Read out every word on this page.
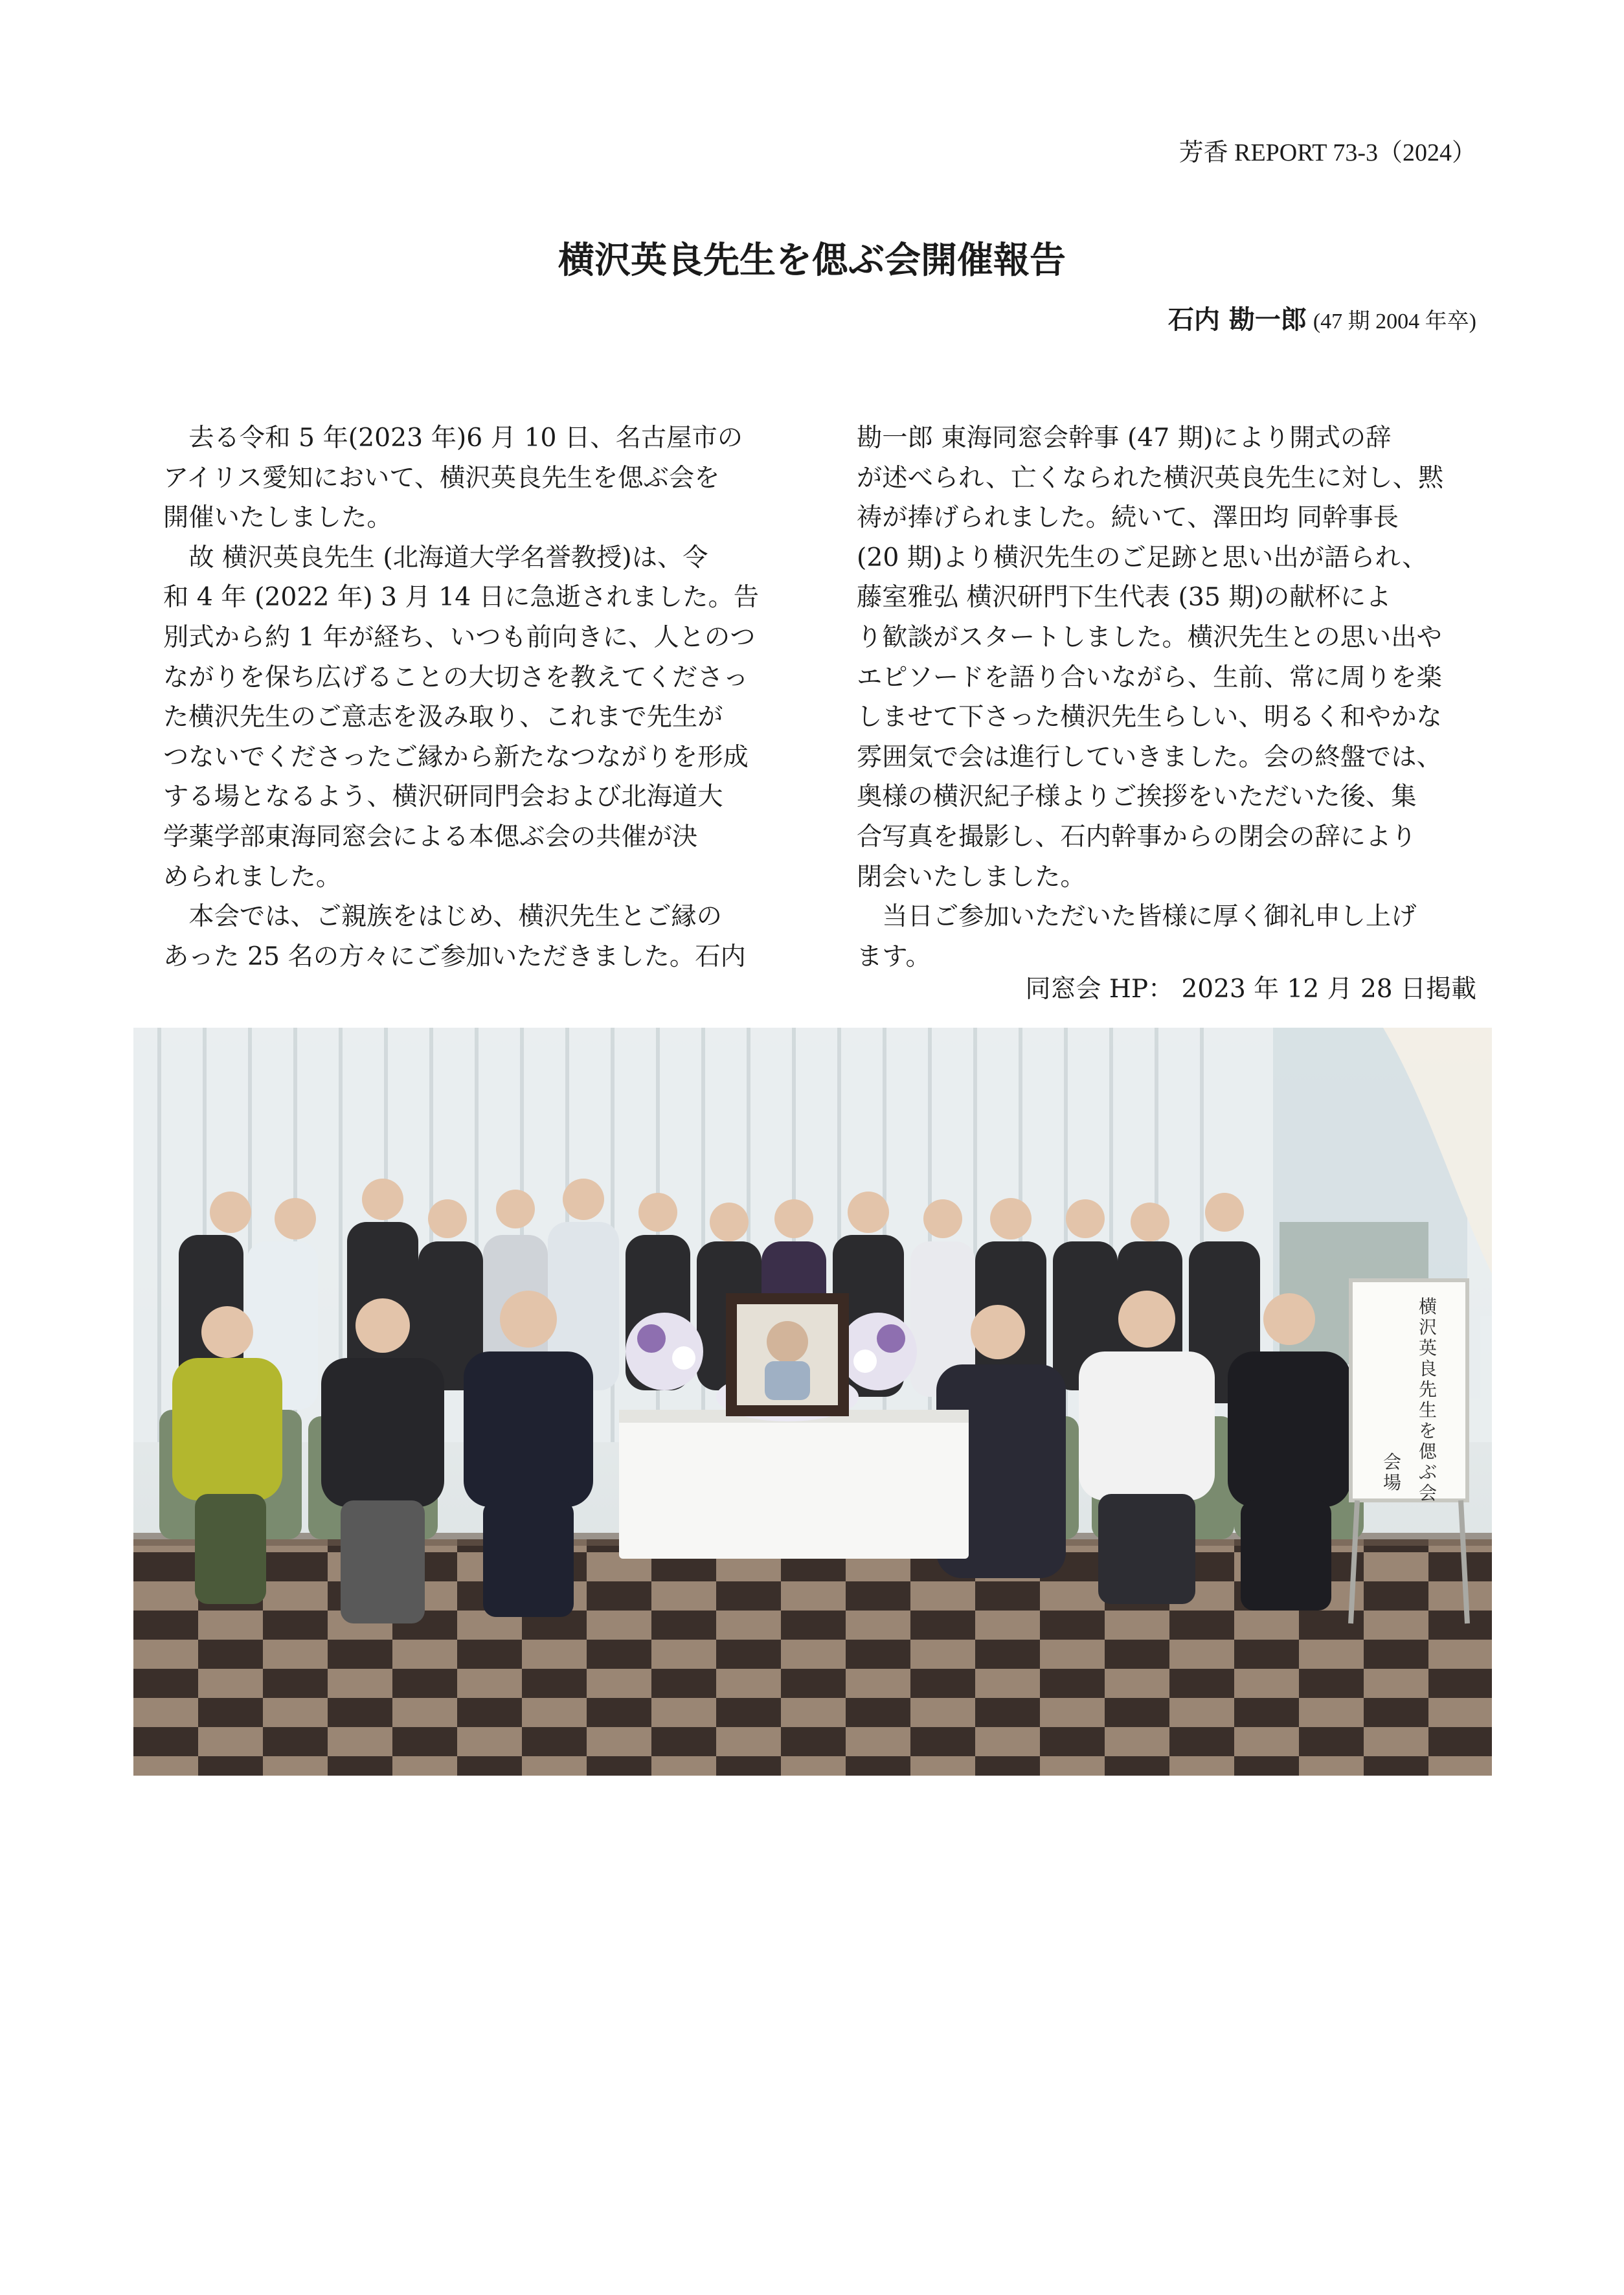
芳香 REPORT 73-3（2024）
横沢英良先生を偲ぶ会開催報告
石内 勘一郎 (47 期 2004 年卒)
　去る令和 5 年(2023 年)6 月 10 日、名古屋市の
アイリス愛知において、横沢英良先生を偲ぶ会を
開催いたしました。
　故 横沢英良先生 (北海道大学名誉教授)は、令
和 4 年 (2022 年) 3 月 14 日に急逝されました。告
別式から約 1 年が経ち、いつも前向きに、人とのつ
ながりを保ち広げることの大切さを教えてくださっ
た横沢先生のご意志を汲み取り、これまで先生が
つないでくださったご縁から新たなつながりを形成
する場となるよう、横沢研同門会および北海道大
学薬学部東海同窓会による本偲ぶ会の共催が決
められました。
　本会では、ご親族をはじめ、横沢先生とご縁の
あった 25 名の方々にご参加いただきました。石内
勘一郎 東海同窓会幹事 (47 期)により開式の辞
が述べられ、亡くなられた横沢英良先生に対し、黙
祷が捧げられました。続いて、澤田均 同幹事長
(20 期)より横沢先生のご足跡と思い出が語られ、
藤室雅弘 横沢研門下生代表 (35 期)の献杯によ
り歓談がスタートしました。横沢先生との思い出や
エピソードを語り合いながら、生前、常に周りを楽
しませて下さった横沢先生らしい、明るく和やかな
雰囲気で会は進行していきました。会の終盤では、
奥様の横沢紀子様よりご挨拶をいただいた後、集
合写真を撮影し、石内幹事からの閉会の辞により
閉会いたしました。
　当日ご参加いただいた皆様に厚く御礼申し上げ
ます。
同窓会 HP： 2023 年 12 月 28 日掲載
横沢英良先生を偲ぶ会
会場
